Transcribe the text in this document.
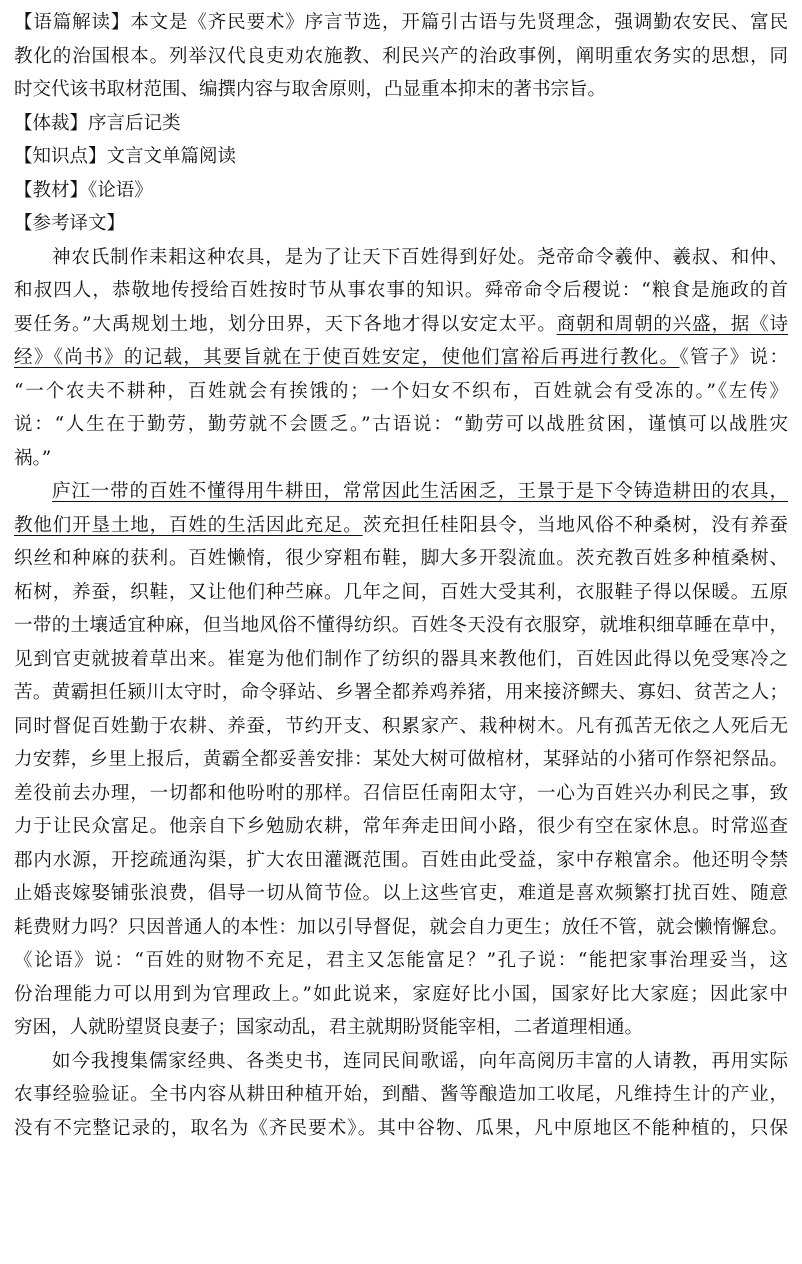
【语篇解读】本文是《齐民要术》序言节选，开篇引古语与先贤理念，强调勤农安民、富民
教化的治国根本。列举汉代良吏劝农施教、利民兴产的治政事例，阐明重农务实的思想，同
时交代该书取材范围、编撰内容与取舍原则，凸显重本抑末的著书宗旨。
【体裁】序言后记类
【知识点】文言文单篇阅读
【教材】《论语》
【参考译文】
神农氏制作耒耜这种农具，是为了让天下百姓得到好处。尧帝命令羲仲、羲叔、和仲、
和叔四人，恭敬地传授给百姓按时节从事农事的知识。舜帝命令后稷说：“粮食是施政的首
要任务。”大禹规划土地，划分田界，天下各地才得以安定太平。商朝和周朝的兴盛，据《诗
经》《尚书》的记载，其要旨就在于使百姓安定，使他们富裕后再进行教化。《管子》说：
“一个农夫不耕种，百姓就会有挨饿的；一个妇女不织布，百姓就会有受冻的。”《左传》
说：“人生在于勤劳，勤劳就不会匮乏。”古语说：“勤劳可以战胜贫困，谨慎可以战胜灾
祸。”
庐江一带的百姓不懂得用牛耕田，常常因此生活困乏，王景于是下令铸造耕田的农具，
教他们开垦土地，百姓的生活因此充足。茨充担任桂阳县令，当地风俗不种桑树，没有养蚕
织丝和种麻的获利。百姓懒惰，很少穿粗布鞋，脚大多开裂流血。茨充教百姓多种植桑树、
柘树，养蚕，织鞋，又让他们种苎麻。几年之间，百姓大受其利，衣服鞋子得以保暖。五原
一带的土壤适宜种麻，但当地风俗不懂得纺织。百姓冬天没有衣服穿，就堆积细草睡在草中，
见到官吏就披着草出来。崔寔为他们制作了纺织的器具来教他们，百姓因此得以免受寒冷之
苦。黄霸担任颍川太守时，命令驿站、乡署全都养鸡养猪，用来接济鳏夫、寡妇、贫苦之人；
同时督促百姓勤于农耕、养蚕，节约开支、积累家产、栽种树木。凡有孤苦无依之人死后无
力安葬，乡里上报后，黄霸全都妥善安排：某处大树可做棺材，某驿站的小猪可作祭祀祭品。
差役前去办理，一切都和他吩咐的那样。召信臣任南阳太守，一心为百姓兴办利民之事，致
力于让民众富足。他亲自下乡勉励农耕，常年奔走田间小路，很少有空在家休息。时常巡查
郡内水源，开挖疏通沟渠，扩大农田灌溉范围。百姓由此受益，家中存粮富余。他还明令禁
止婚丧嫁娶铺张浪费，倡导一切从简节俭。以上这些官吏，难道是喜欢频繁打扰百姓、随意
耗费财力吗？只因普通人的本性：加以引导督促，就会自力更生；放任不管，就会懒惰懈怠。
《论语》说：“百姓的财物不充足，君主又怎能富足？”孔子说：“能把家事治理妥当，这
份治理能力可以用到为官理政上。”如此说来，家庭好比小国，国家好比大家庭；因此家中
穷困，人就盼望贤良妻子；国家动乱，君主就期盼贤能宰相，二者道理相通。
如今我搜集儒家经典、各类史书，连同民间歌谣，向年高阅历丰富的人请教，再用实际
农事经验验证。全书内容从耕田种植开始，到醋、酱等酿造加工收尾，凡维持生计的产业，
没有不完整记录的，取名为《齐民要术》。其中谷物、瓜果，凡中原地区不能种植的，只保
